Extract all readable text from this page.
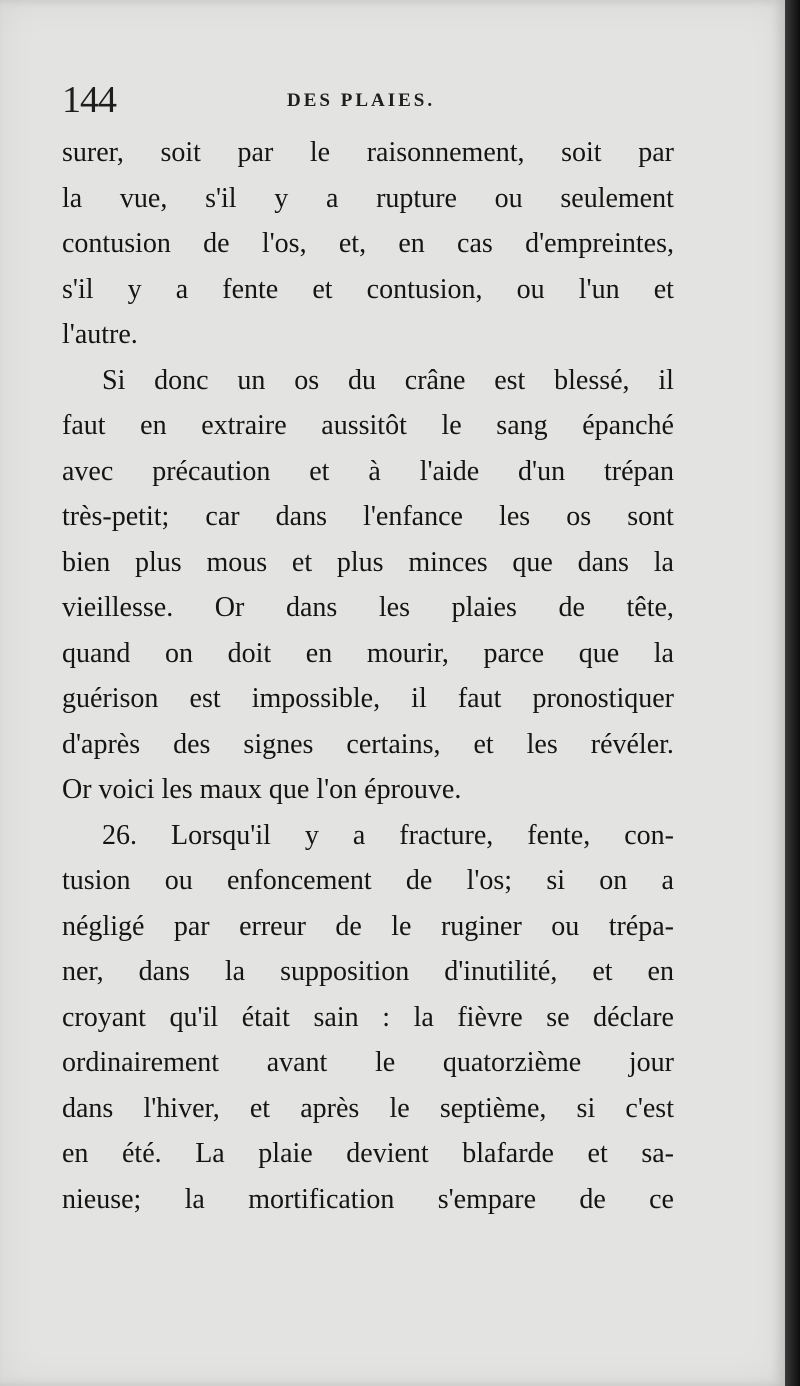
144	DES PLAIES.
surer, soit par le raisonnement, soit par
la vue, s'il y a rupture ou seulement
contusion de l'os, et, en cas d'empreintes,
s'il y a fente et contusion, ou l'un et
l'autre.
Si donc un os du crâne est blessé, il
faut en extraire aussitôt le sang épanché
avec précaution et à l'aide d'un trépan
très-petit; car dans l'enfance les os sont
bien plus mous et plus minces que dans la
vieillesse. Or dans les plaies de tête,
quand on doit en mourir, parce que la
guérison est impossible, il faut pronostiquer
d'après des signes certains, et les révéler.
Or voici les maux que l'on éprouve.
26. Lorsqu'il y a fracture, fente, con-
tusion ou enfoncement de l'os; si on a
négligé par erreur de le ruginer ou trépa-
ner, dans la supposition d'inutilité, et en
croyant qu'il était sain : la fièvre se déclare
ordinairement avant le quatorzième jour
dans l'hiver, et après le septième, si c'est
en été. La plaie devient blafarde et sa-
nieuse; la mortification s'empare de ce
